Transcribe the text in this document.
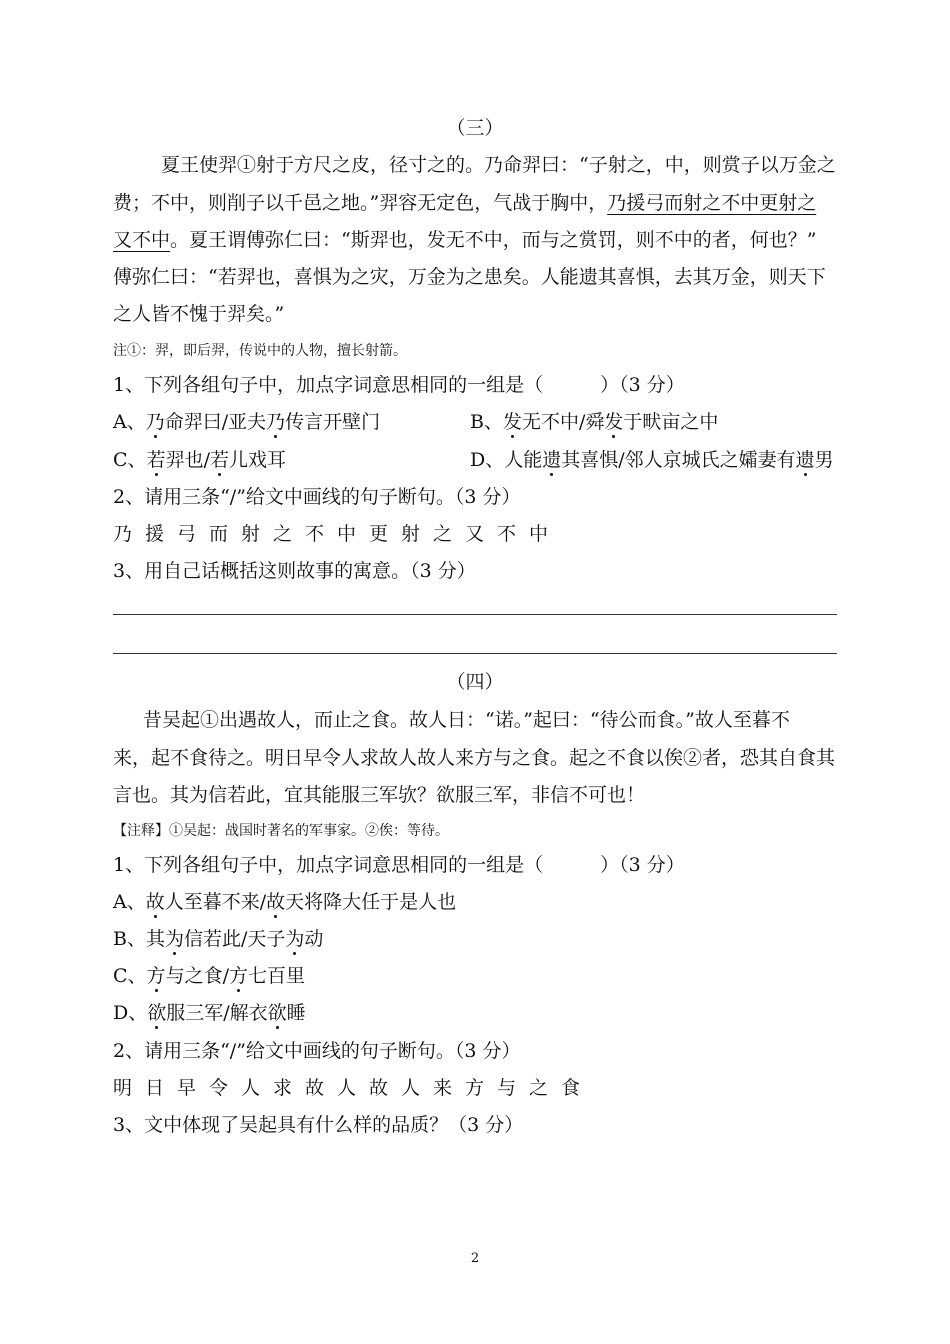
（三）
夏王使羿①射于方尺之皮，径寸之的。乃命羿曰：“子射之，中，则赏子以万金之
费；不中，则削子以千邑之地。”羿容无定色，气战于胸中，乃援弓而射之不中更射之
又不中。夏王谓傅弥仁曰：“斯羿也，发无不中，而与之赏罚，则不中的者，何也？”
傅弥仁曰：“若羿也，喜惧为之灾，万金为之患矣。人能遗其喜惧，去其万金，则天下
之人皆不愧于羿矣。”
注①：羿，即后羿，传说中的人物，擅长射箭。
1、下列各组句子中，加点字词意思相同的一组是（　　　）（3 分）
A、乃命羿曰/亚夫乃传言开壁门	B、发无不中/舜发于畎亩之中
C、若羿也/若儿戏耳	D、人能遗其喜惧/邻人京城氏之孀妻有遗男
2、请用三条“/”给文中画线的句子断句。（3 分）
乃援弓而射之不中更射之又不中
3、用自己话概括这则故事的寓意。（3 分）
（四）
昔吴起①出遇故人，而止之食。故人日：“诺。”起曰：“待公而食。”故人至暮不
来，起不食待之。明日早令人求故人故人来方与之食。起之不食以俟②者，恐其自食其
言也。其为信若此，宜其能服三军欤？欲服三军，非信不可也！
【注释】①吴起：战国时著名的军事家。②俟：等待。
1、下列各组句子中，加点字词意思相同的一组是（　　　）（3 分）
A、故人至暮不来/故天将降大任于是人也
B、其为信若此/天子为动
C、方与之食/方七百里
D、欲服三军/解衣欲睡
2、请用三条“/”给文中画线的句子断句。（3 分）
明日早令人求故人故人来方与之食
3、文中体现了吴起具有什么样的品质？（3 分）
2
